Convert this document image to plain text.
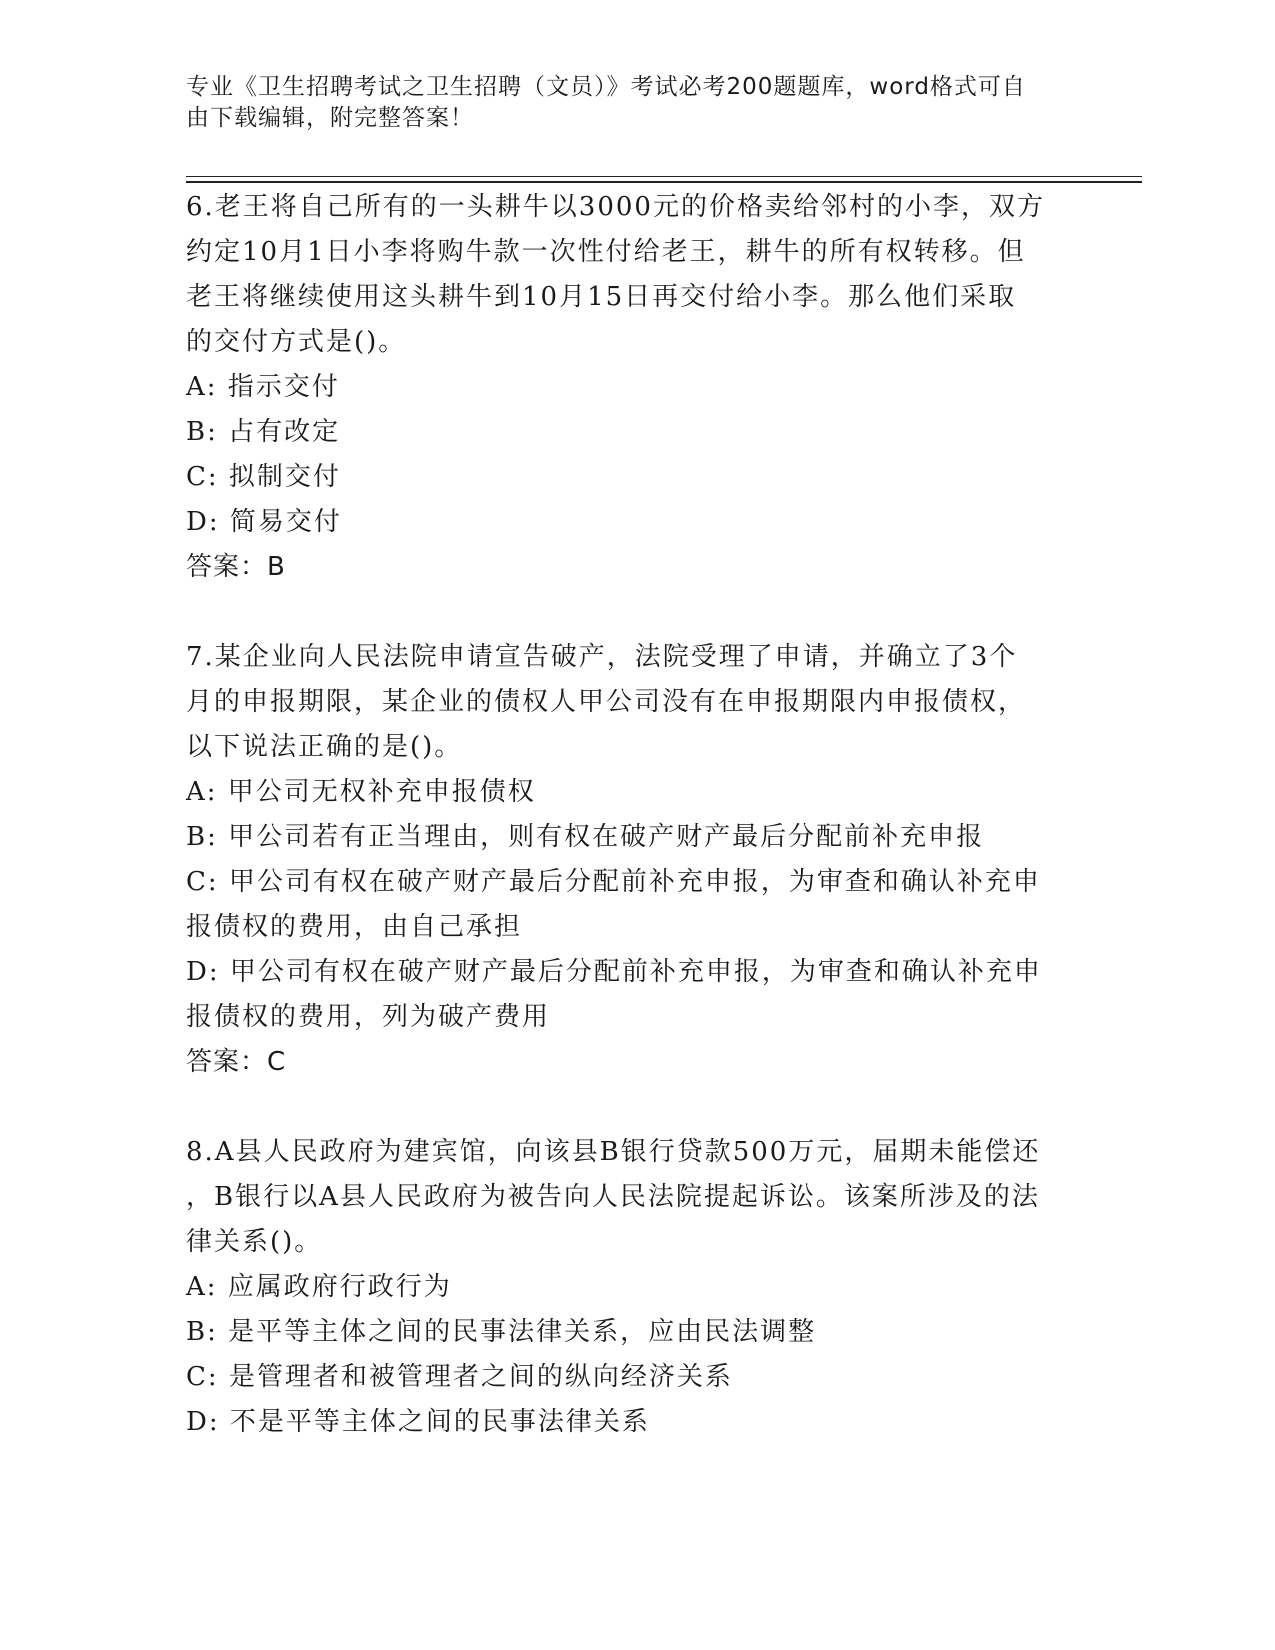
专业《卫生招聘考试之卫生招聘（文员）》考试必考200题题库，word格式可自
由下载编辑，附完整答案！
6.老王将自己所有的一头耕牛以3000元的价格卖给邻村的小李，双方
约定10月1日小李将购牛款一次性付给老王，耕牛的所有权转移。但
老王将继续使用这头耕牛到10月15日再交付给小李。那么他们采取
的交付方式是()。
A: 指示交付
B: 占有改定
C: 拟制交付
D: 简易交付
答案：B
7.某企业向人民法院申请宣告破产，法院受理了申请，并确立了3个
月的申报期限，某企业的债权人甲公司没有在申报期限内申报债权，
以下说法正确的是()。
A: 甲公司无权补充申报债权
B: 甲公司若有正当理由，则有权在破产财产最后分配前补充申报
C: 甲公司有权在破产财产最后分配前补充申报，为审查和确认补充申
报债权的费用，由自己承担
D: 甲公司有权在破产财产最后分配前补充申报，为审查和确认补充申
报债权的费用，列为破产费用
答案：C
8.A县人民政府为建宾馆，向该县B银行贷款500万元，届期未能偿还
，B银行以A县人民政府为被告向人民法院提起诉讼。该案所涉及的法
律关系()。
A: 应属政府行政行为
B: 是平等主体之间的民事法律关系，应由民法调整
C: 是管理者和被管理者之间的纵向经济关系
D: 不是平等主体之间的民事法律关系
